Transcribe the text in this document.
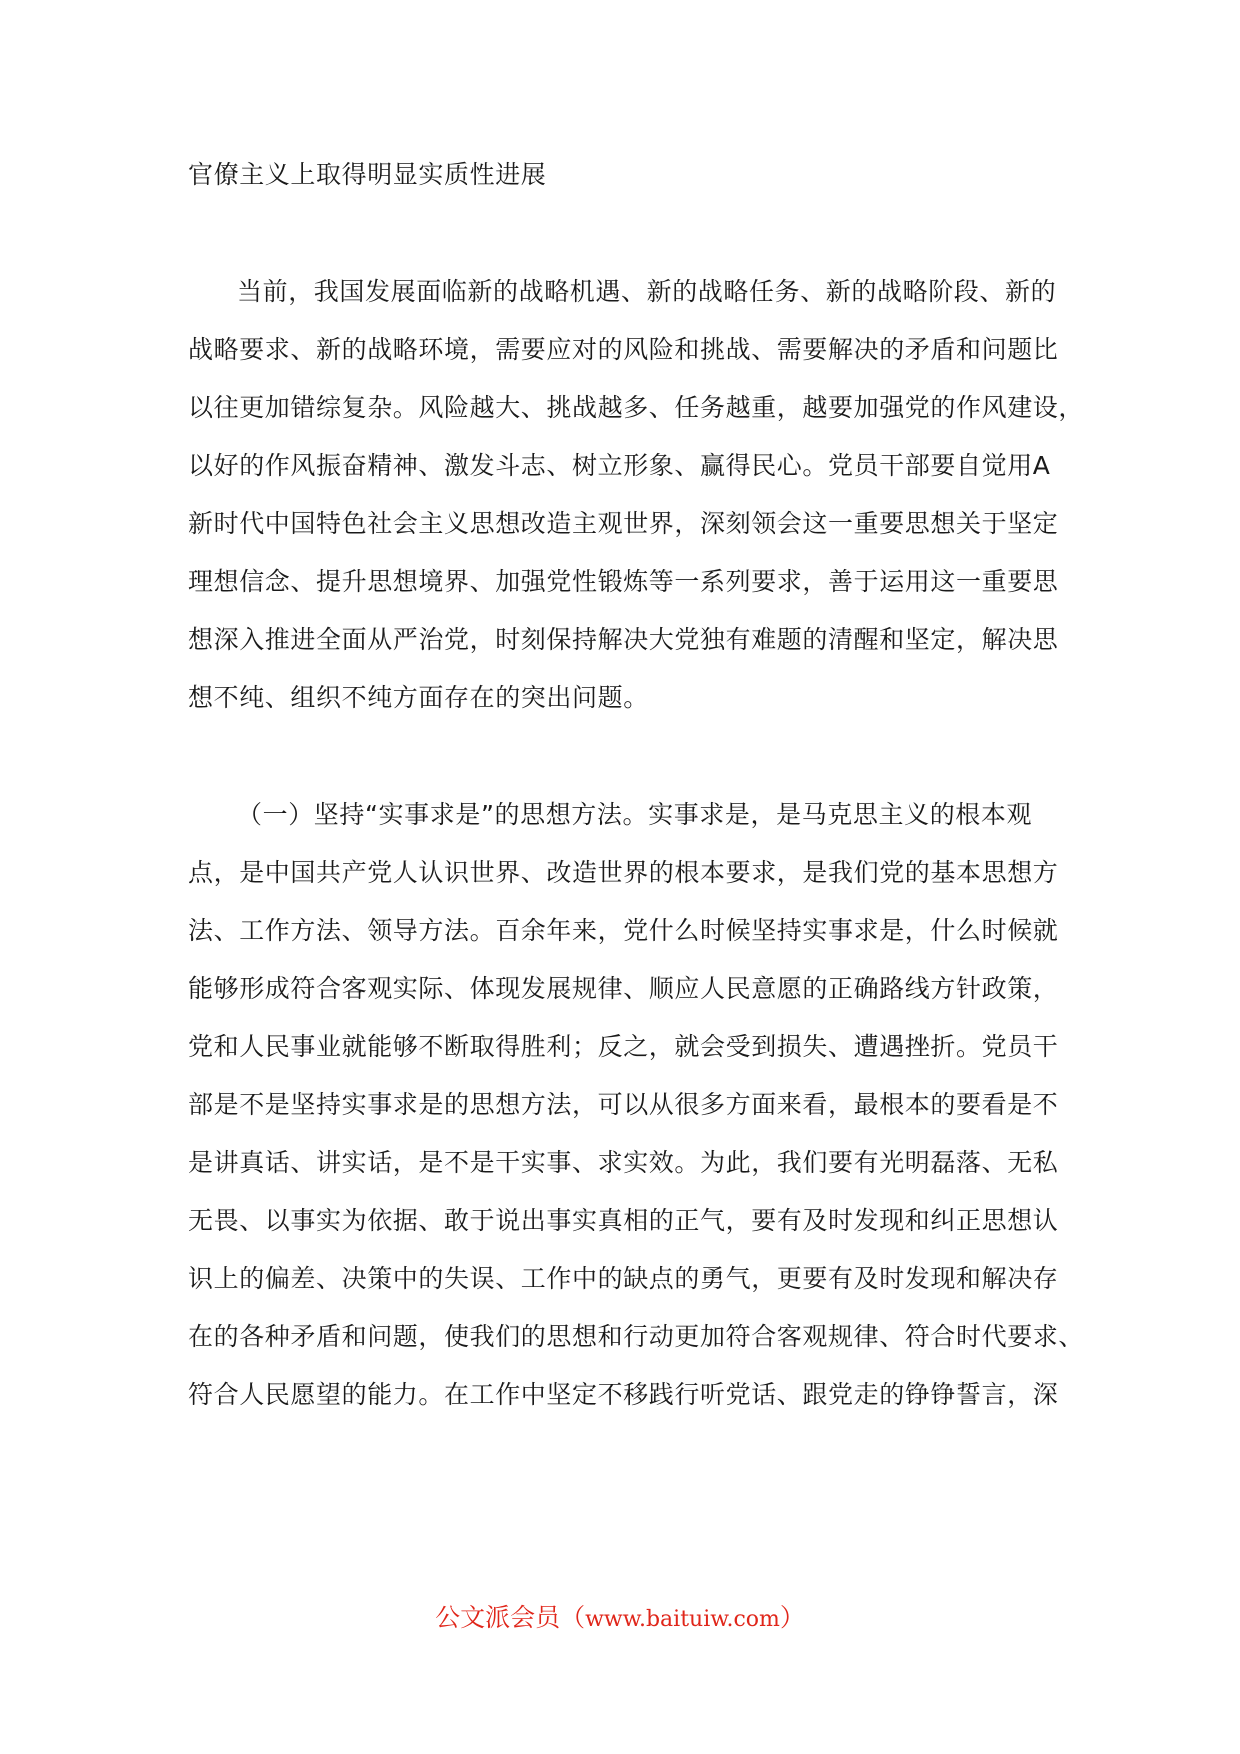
官僚主义上取得明显实质性进展
当前，我国发展面临新的战略机遇、新的战略任务、新的战略阶段、新的
战略要求、新的战略环境，需要应对的风险和挑战、需要解决的矛盾和问题比
以往更加错综复杂。风险越大、挑战越多、任务越重，越要加强党的作风建设，
以好的作风振奋精神、激发斗志、树立形象、赢得民心。党员干部要自觉用A
新时代中国特色社会主义思想改造主观世界，深刻领会这一重要思想关于坚定
理想信念、提升思想境界、加强党性锻炼等一系列要求，善于运用这一重要思
想深入推进全面从严治党，时刻保持解决大党独有难题的清醒和坚定，解决思
想不纯、组织不纯方面存在的突出问题。
（一）坚持“实事求是”的思想方法。实事求是，是马克思主义的根本观
点，是中国共产党人认识世界、改造世界的根本要求，是我们党的基本思想方
法、工作方法、领导方法。百余年来，党什么时候坚持实事求是，什么时候就
能够形成符合客观实际、体现发展规律、顺应人民意愿的正确路线方针政策，
党和人民事业就能够不断取得胜利；反之，就会受到损失、遭遇挫折。党员干
部是不是坚持实事求是的思想方法，可以从很多方面来看，最根本的要看是不
是讲真话、讲实话，是不是干实事、求实效。为此，我们要有光明磊落、无私
无畏、以事实为依据、敢于说出事实真相的正气，要有及时发现和纠正思想认
识上的偏差、决策中的失误、工作中的缺点的勇气，更要有及时发现和解决存
在的各种矛盾和问题，使我们的思想和行动更加符合客观规律、符合时代要求、
符合人民愿望的能力。在工作中坚定不移践行听党话、跟党走的铮铮誓言，深
公文派会员（www.baituiw.com）
